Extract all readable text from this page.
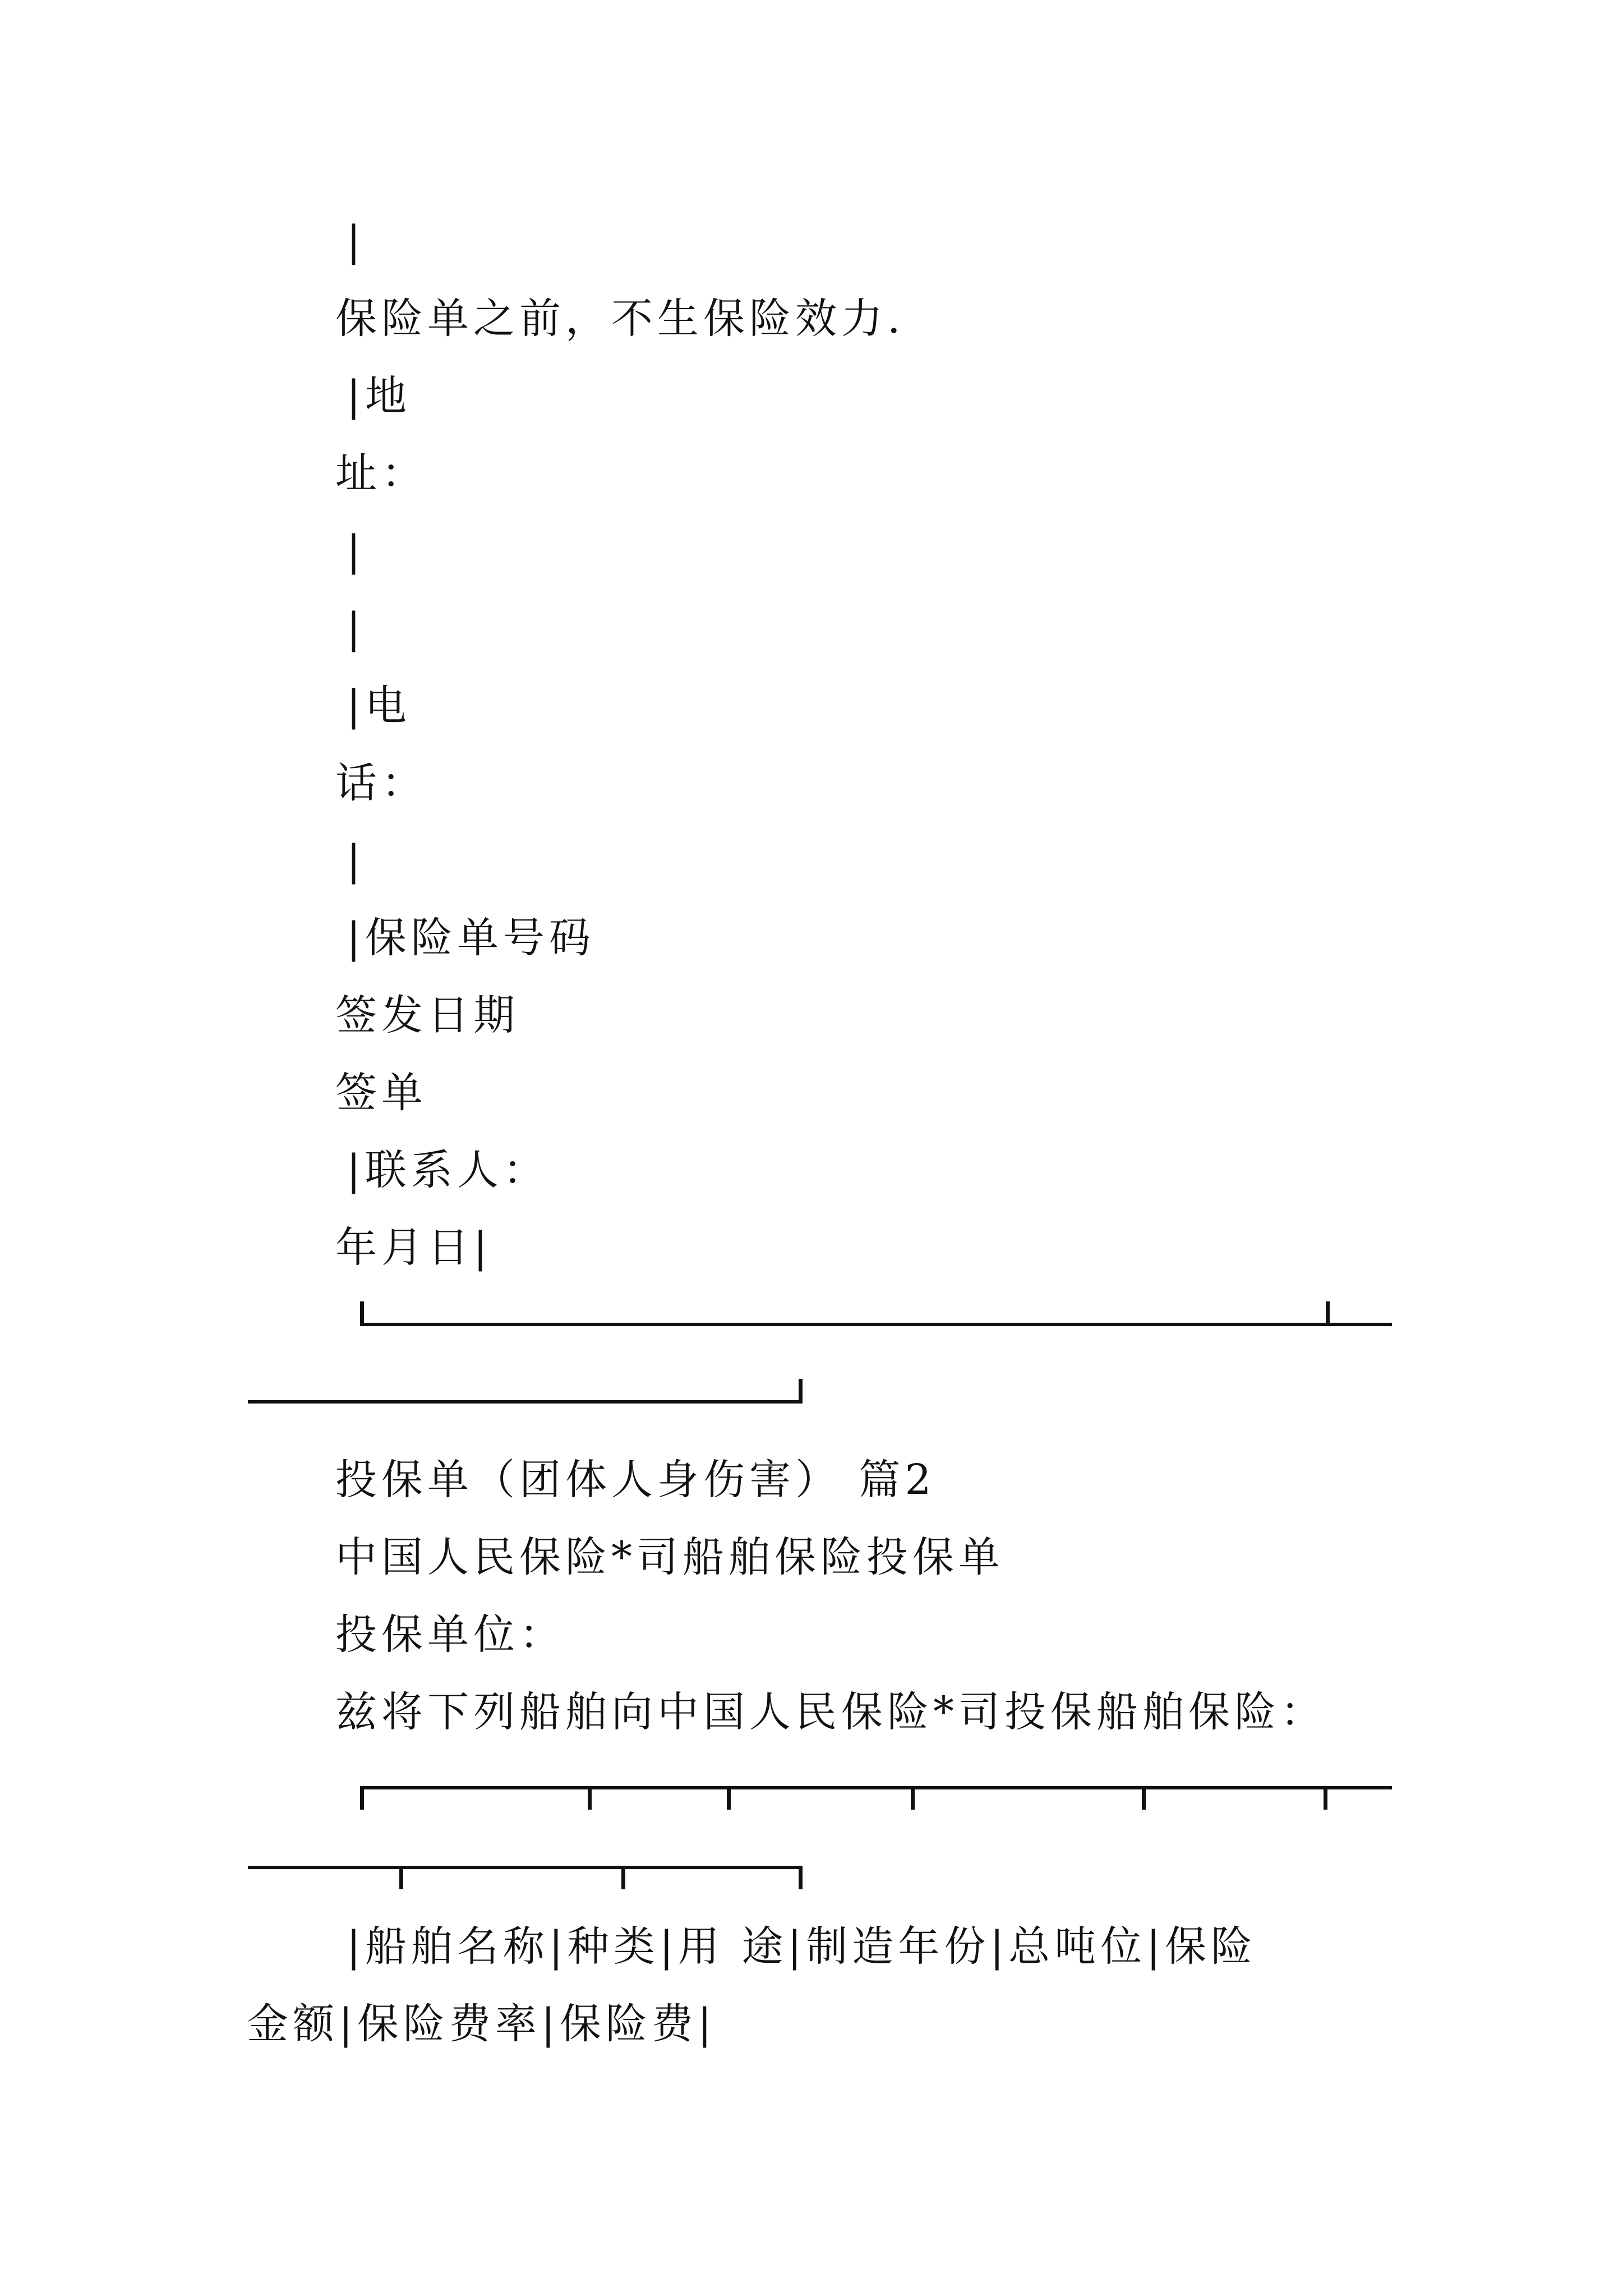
|
保险单之前，不生保险效力.
|地
址：
|
|
|电
话：
|
|保险单号码
签发日期
签单
|联系人：
年月日|
投保单（团体人身伤害） 篇2
中国人民保险*司船舶保险投保单
投保单位：
兹将下列船舶向中国人民保险*司投保船舶保险：
|船舶名称|种类|用 途|制造年份|总吨位|保险
金额|保险费率|保险费|
